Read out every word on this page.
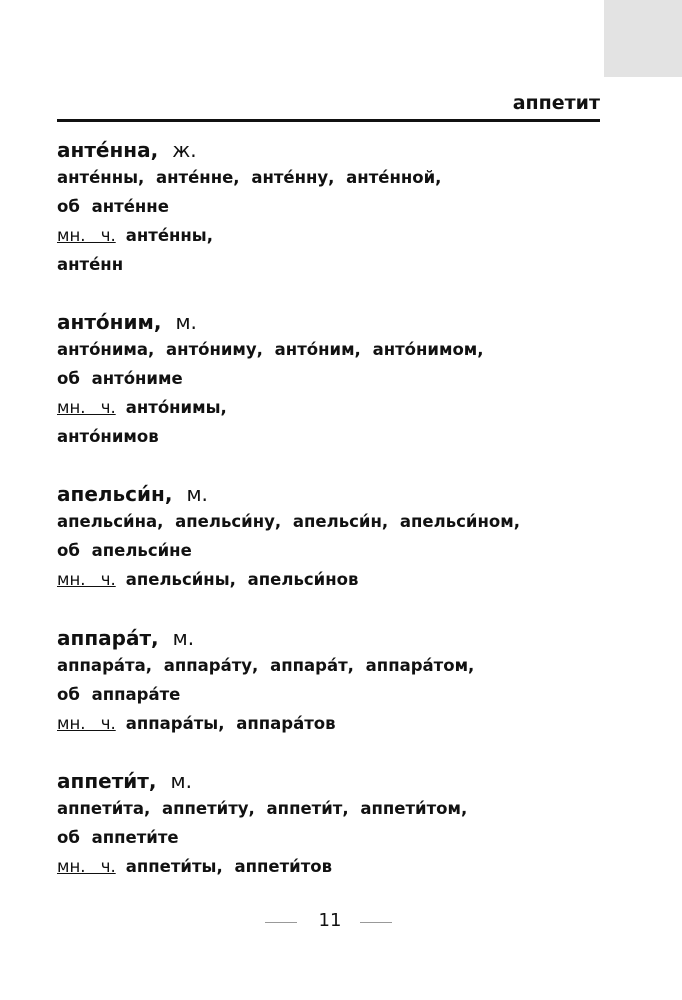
аппетит
анте́нна, ж.
анте́нны, анте́нне, анте́нну, анте́нной,
об анте́нне
мн. ч. анте́нны,
анте́нн
анто́ним, м.
анто́нима, анто́ниму, анто́ним, анто́нимом,
об анто́ниме
мн. ч. анто́нимы,
анто́нимов
апельси́н, м.
апельси́на, апельси́ну, апельси́н, апельси́ном,
об апельси́не
мн. ч. апельси́ны, апельси́нов
аппара́т, м.
аппара́та, аппара́ту, аппара́т, аппара́том,
об аппара́те
мн. ч. аппара́ты, аппара́тов
аппети́т, м.
аппети́та, аппети́ту, аппети́т, аппети́том,
об аппети́те
мн. ч. аппети́ты, аппети́тов
11
